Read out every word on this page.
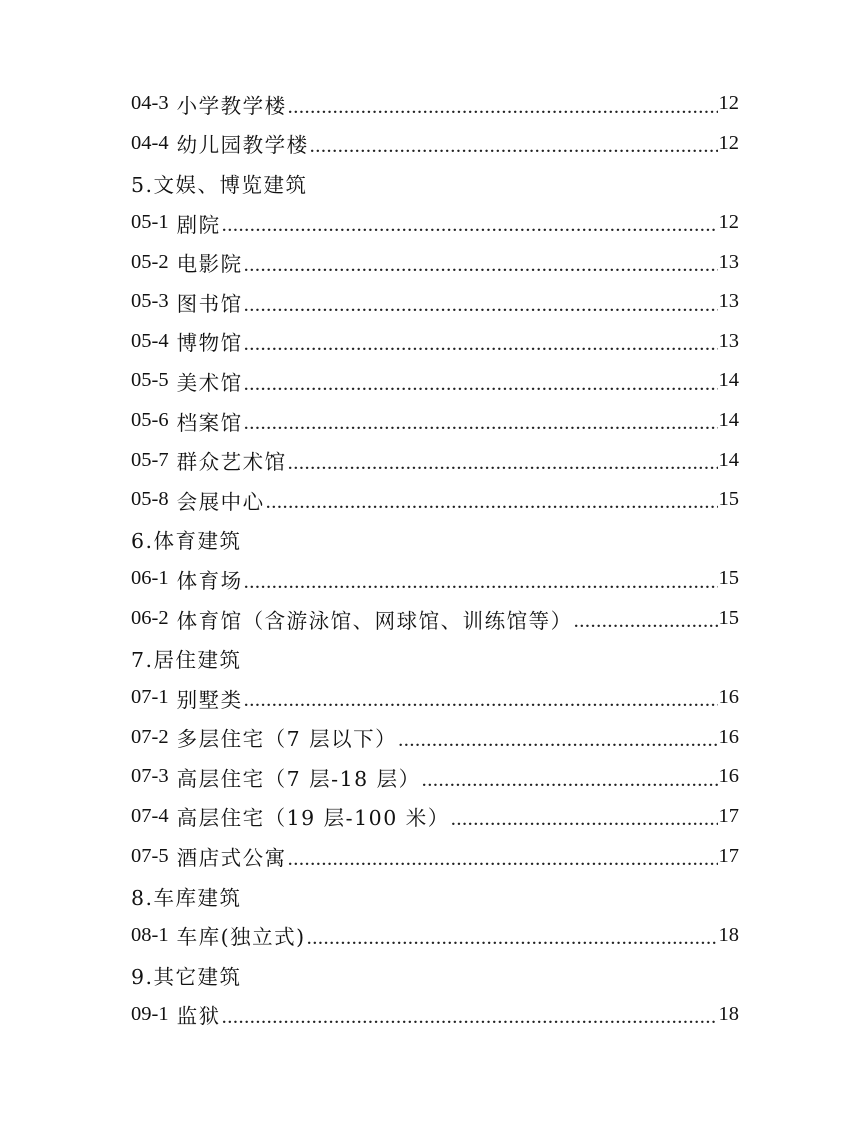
04-3 小学教学楼 .....	12
04-4 幼儿园教学楼 .....	12
5.文娱、博览建筑
05-1 剧院 .....	12
05-2 电影院 .....	13
05-3 图书馆 .....	13
05-4 博物馆 .....	13
05-5 美术馆 .....	14
05-6 档案馆 .....	14
05-7 群众艺术馆 .....	14
05-8 会展中心 .....	15
6.体育建筑
06-1 体育场 .....	15
06-2 体育馆（含游泳馆、网球馆、训练馆等） .....	15
7.居住建筑
07-1 别墅类 .....	16
07-2 多层住宅（7 层以下） .....	16
07-3 高层住宅（7 层-18 层） .....	16
07-4 高层住宅（19 层-100 米） .....	17
07-5 酒店式公寓 .....	17
8.车库建筑
08-1 车库(独立式) .....	18
9.其它建筑
09-1 监狱 .....	18
